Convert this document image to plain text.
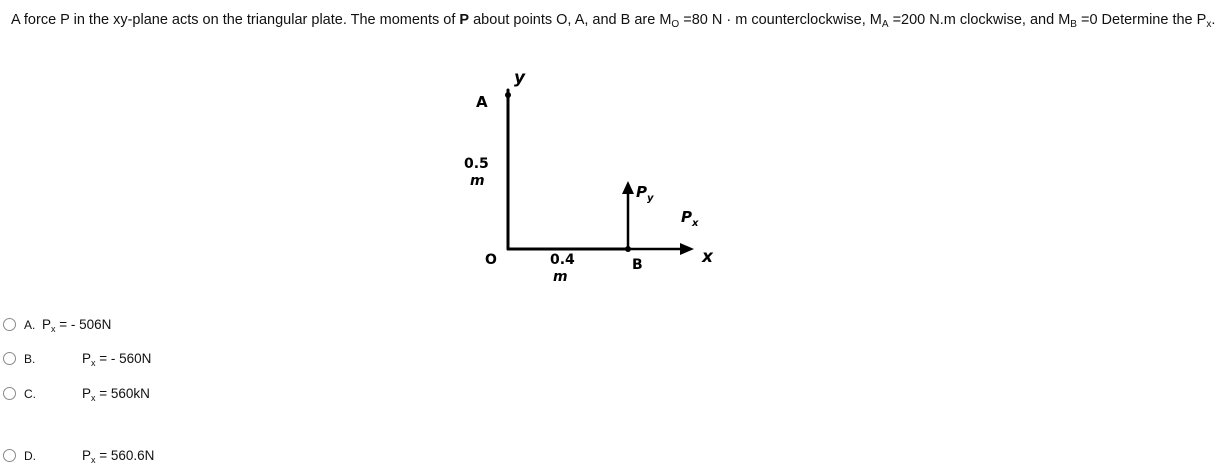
A force P in the xy-plane acts on the triangular plate. The moments of P about points O, A, and B are $M_O =80$ N · m counterclockwise, $M_A =200$ N.m clockwise, and $M_B =0$ Determine the $P_x$.
y
A
0.5
m
O	0.4
m
B
$P_y$
$P_x$
x
A. $P_x$ = - 506N
B.	$P_x$ = - 560N
C.	$P_x = 560kN$
D.	$P_x = 560.6N$
